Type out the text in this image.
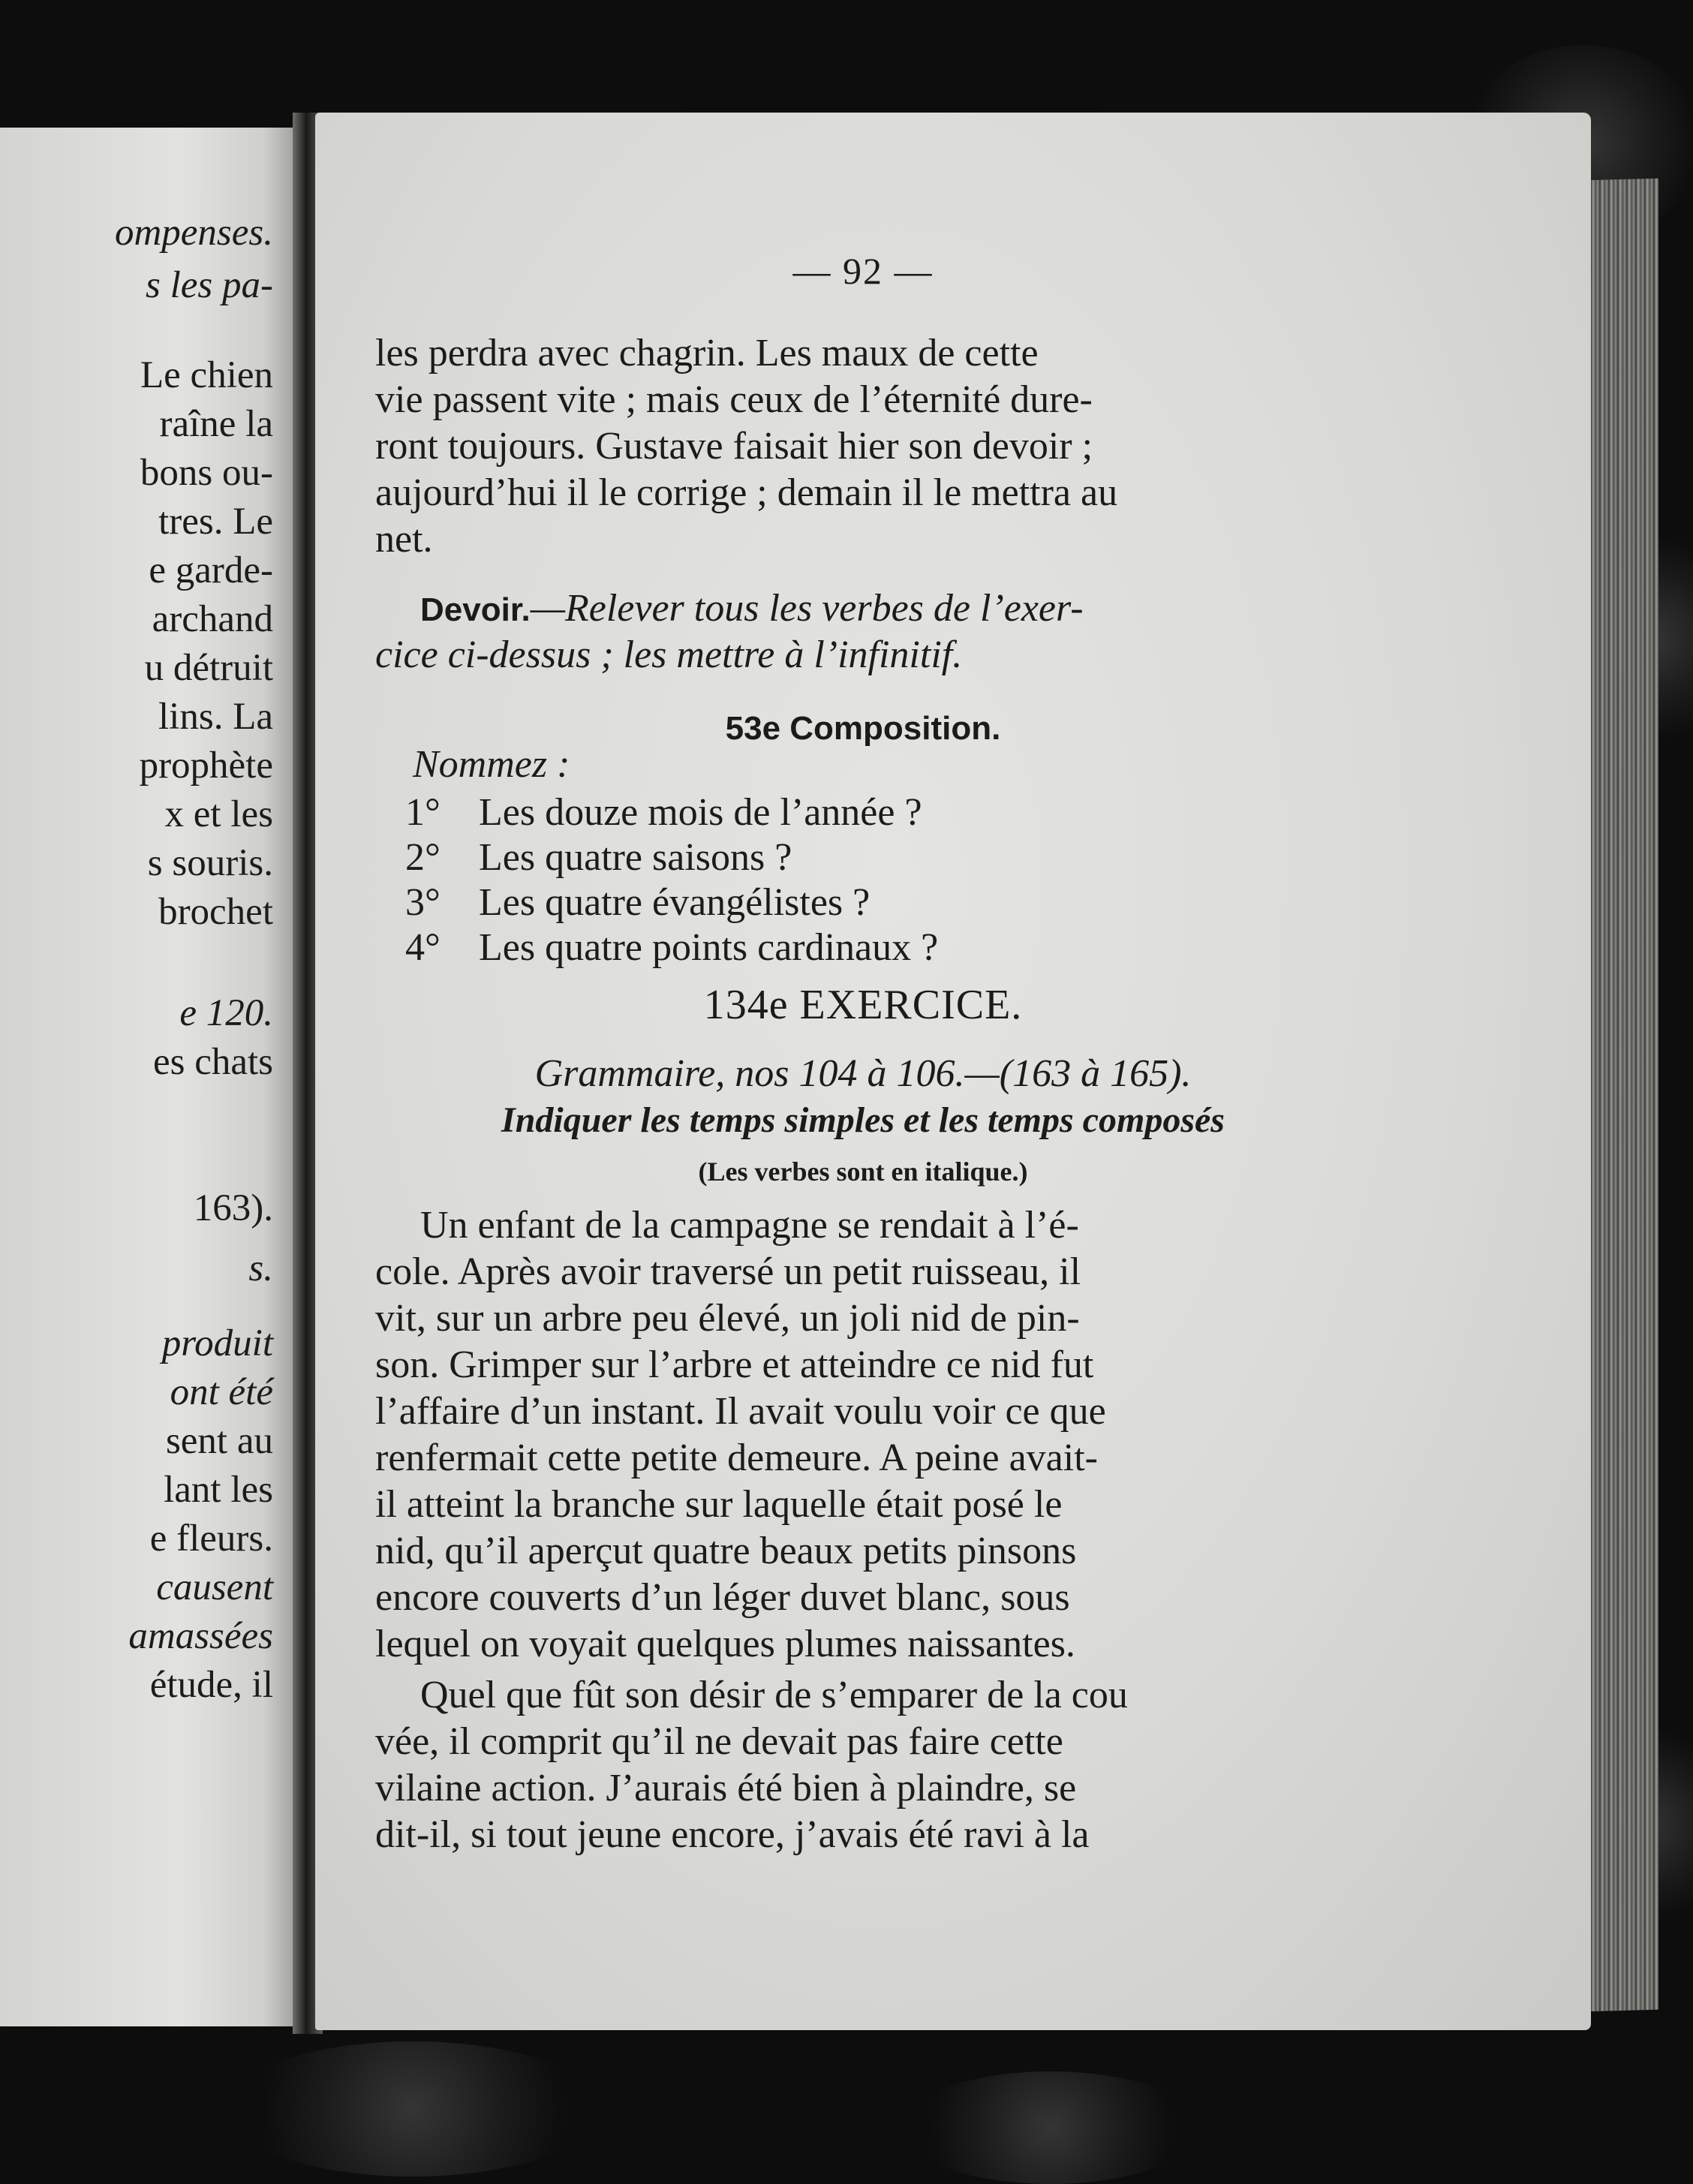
ompenses.
s les pa-
Le chien
raîne la
bons ou-
tres. Le
e garde-
archand
u détruit
lins. La
prophète
x et les
s souris.
brochet
e 120.
es chats
163).
s.
produit
ont été
sent au
lant les
e fleurs.
causent
amassées
étude, il
— 92 —
les perdra avec chagrin. Les maux de cette
vie passent vite ; mais ceux de l’éternité dure-
ront toujours. Gustave faisait hier son devoir ;
aujourd’hui il le corrige ; demain il le mettra au
net.
Devoir.—Relever tous les verbes de l’exer-
cice ci-dessus ; les mettre à l’infinitif.
53e Composition.
Nommez :
1° Les douze mois de l’année ?
2° Les quatre saisons ?
3° Les quatre évangélistes ?
4° Les quatre points cardinaux ?
134e EXERCICE.
Grammaire, nos 104 à 106.—(163 à 165).
Indiquer les temps simples et les temps composés
(Les verbes sont en italique.)
Un enfant de la campagne se rendait à l’é-
cole. Après avoir traversé un petit ruisseau, il
vit, sur un arbre peu élevé, un joli nid de pin-
son. Grimper sur l’arbre et atteindre ce nid fut
l’affaire d’un instant. Il avait voulu voir ce que
renfermait cette petite demeure. A peine avait-
il atteint la branche sur laquelle était posé le
nid, qu’il aperçut quatre beaux petits pinsons
encore couverts d’un léger duvet blanc, sous
lequel on voyait quelques plumes naissantes.
Quel que fût son désir de s’emparer de la cou
vée, il comprit qu’il ne devait pas faire cette
vilaine action. J’aurais été bien à plaindre, se
dit-il, si tout jeune encore, j’avais été ravi à la
